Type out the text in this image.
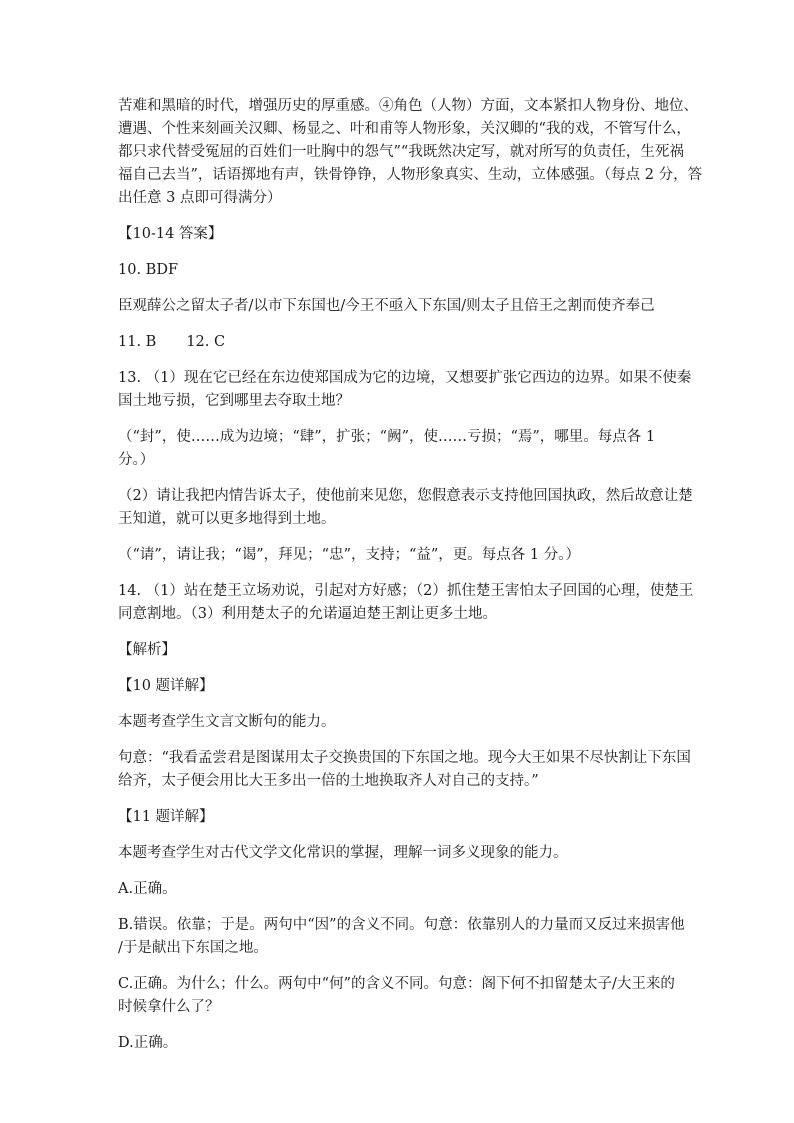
苦难和黑暗的时代，增强历史的厚重感。④角色（人物）方面，文本紧扣人物身份、地位、
遭遇、个性来刻画关汉卿、杨显之、叶和甫等人物形象，关汉卿的“我的戏，不管写什么，
都只求代替受冤屈的百姓们一吐胸中的怨气”“我既然决定写，就对所写的负责任，生死祸
福自己去当”，话语掷地有声，铁骨铮铮，人物形象真实、生动，立体感强。（每点 2 分，答
出任意 3 点即可得满分）

【10-14 答案】

10. BDF

臣观薛公之留太子者/以市下东国也/今王不亟入下东国/则太子且倍王之割而使齐奉己

11. B 12. C

13. （1）现在它已经在东边使郑国成为它的边境，又想要扩张它西边的边界。如果不使秦
国土地亏损，它到哪里去夺取土地？

（“封”，使……成为边境；“肆”，扩张；“阙”，使……亏损；“焉”，哪里。每点各 1
分。）

（2）请让我把内情告诉太子，使他前来见您，您假意表示支持他回国执政，然后故意让楚
王知道，就可以更多地得到土地。

（“请”，请让我；“谒”，拜见；“忠”，支持；“益”，更。每点各 1 分。）

14. （1）站在楚王立场劝说，引起对方好感；（2）抓住楚王害怕太子回国的心理，使楚王
同意割地。（3）利用楚太子的允诺逼迫楚王割让更多土地。

【解析】

【10 题详解】

本题考查学生文言文断句的能力。

句意：“我看孟尝君是图谋用太子交换贵国的下东国之地。现今大王如果不尽快割让下东国
给齐，太子便会用比大王多出一倍的土地换取齐人对自己的支持。”

【11 题详解】

本题考查学生对古代文学文化常识的掌握，理解一词多义现象的能力。

A.正确。

B.错误。依靠；于是。两句中“因”的含义不同。句意：依靠别人的力量而又反过来损害他
/于是献出下东国之地。

C.正确。为什么；什么。两句中“何”的含义不同。句意：阁下何不扣留楚太子/大王来的
时候拿什么了？

D.正确。
